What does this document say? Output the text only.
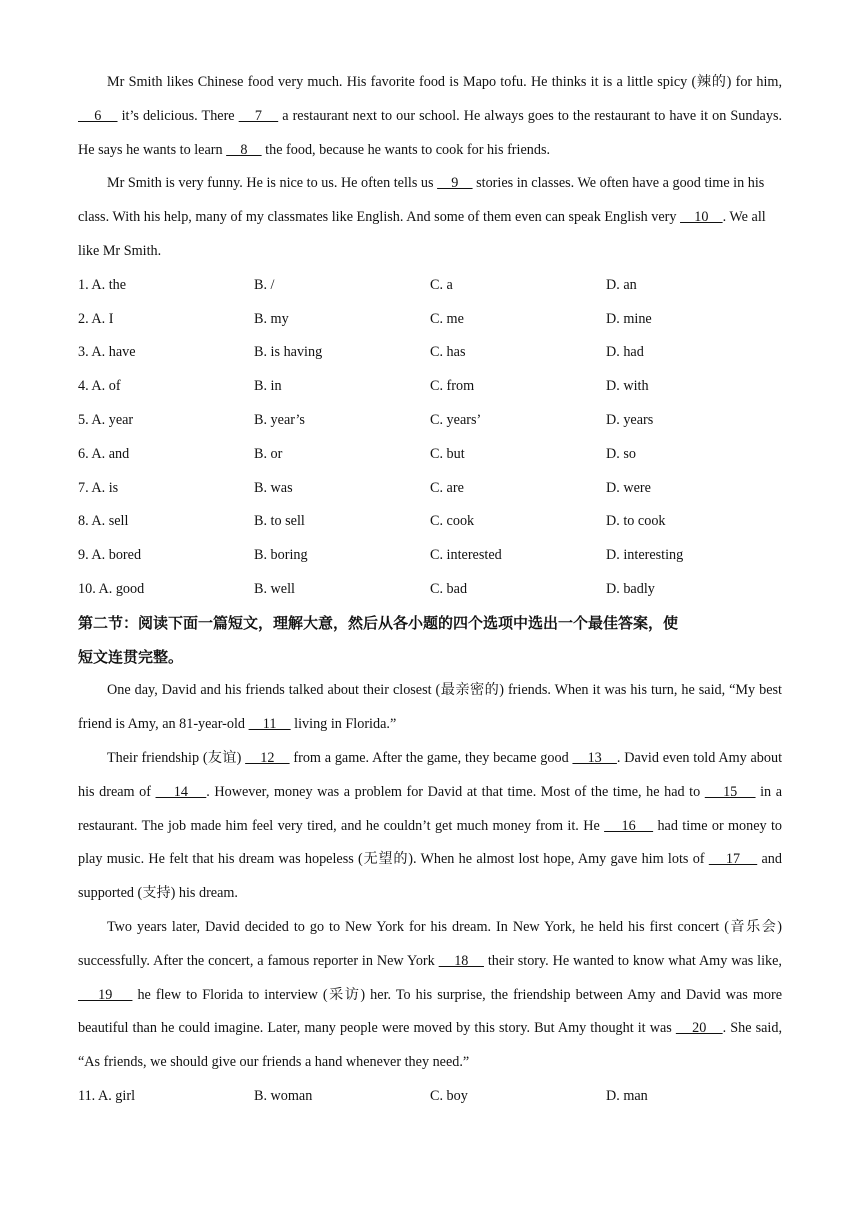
Mr Smith likes Chinese food very much. His favorite food is Mapo tofu. He thinks it is a little spicy (辣的) for him,     6     it’s delicious. There     7     a restaurant next to our school. He always goes to the restaurant to have it on Sundays. He says he wants to learn     8     the food, because he wants to cook for his friends.

Mr Smith is very funny. He is nice to us. He often tells us     9     stories in classes. We often have a good time in his class. With his help, many of my classmates like English. And some of them even can speak English very     10    . We all like Mr Smith.

1. A. the	B. /	C. a	D. an
2. A. I	B. my	C. me	D. mine
3. A. have	B. is having	C. has	D. had
4. A. of	B. in	C. from	D. with
5. A. year	B. year’s	C. years’	D. years
6. A. and	B. or	C. but	D. so
7. A. is	B. was	C. are	D. were
8. A. sell	B. to sell	C. cook	D. to cook
9. A. bored	B. boring	C. interested	D. interesting
10. A. good	B. well	C. bad	D. badly

第二节：阅读下面一篇短文，理解大意，然后从各小题的四个选项中选出一个最佳答案，使

短文连贯完整。

One day, David and his friends talked about their closest (最亲密的) friends. When it was his turn, he said, “My best friend is Amy, an 81-year-old     11     living in Florida.”

Their friendship (友谊)     12     from a game. After the game, they became good     13    . David even told Amy about his dream of     14    . However, money was a problem for David at that time. Most of the time, he had to     15     in a restaurant. The job made him feel very tired, and he couldn’t get much money from it. He     16     had time or money to play music. He felt that his dream was hopeless (无望的). When he almost lost hope, Amy gave him lots of     17     and supported (支持) his dream.

Two years later, David decided to go to New York for his dream. In New York, he held his first concert (音乐会) successfully. After the concert, a famous reporter in New York     18     their story. He wanted to know what Amy was like,     19     he flew to Florida to interview (采访) her. To his surprise, the friendship between Amy and David was more beautiful than he could imagine. Later, many people were moved by this story. But Amy thought it was     20    . She said, “As friends, we should give our friends a hand whenever they need.”

11. A. girl	B. woman	C. boy	D. man
